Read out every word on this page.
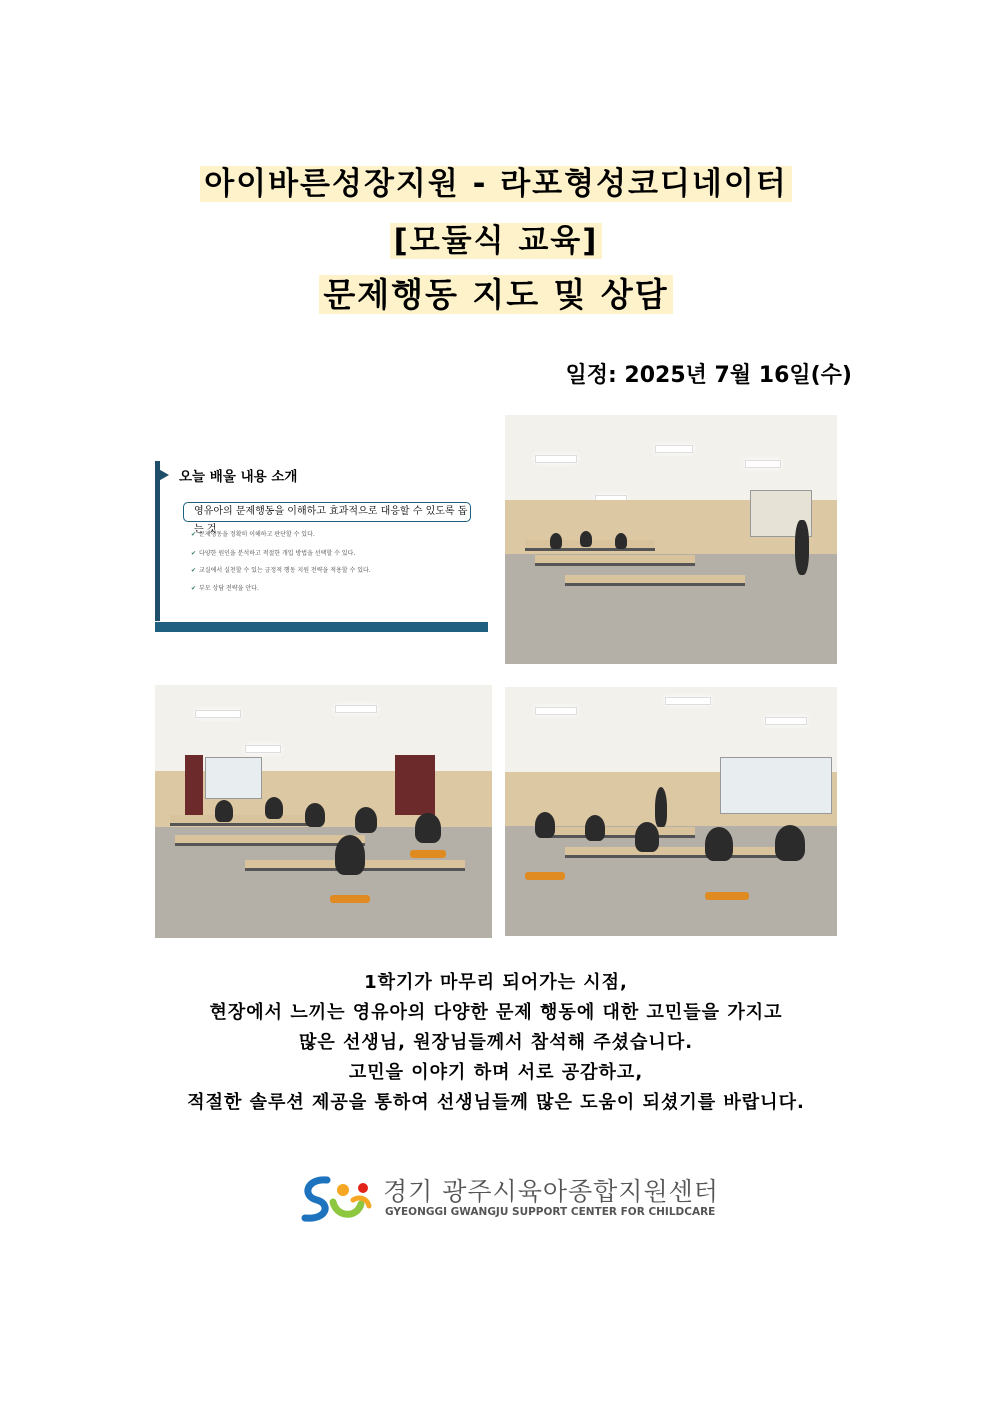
아이바른성장지원 - 라포형성코디네이터
[모듈식 교육]
문제행동 지도 및 상담
일정: 2025년 7월 16일(수)
오늘 배울 내용 소개
영유아의 문제행동을 이해하고 효과적으로 대응할 수 있도록 돕는 것
✔ 문제행동을 정확히 이해하고 판단할 수 있다.
✔ 다양한 원인을 분석하고 적절한 개입 방법을 선택할 수 있다.
✔ 교실에서 실천할 수 있는 긍정적 행동 지원 전략을 적용할 수 있다.
✔ 부모 상담 전략을 안다.
1학기가 마무리 되어가는 시점,
현장에서 느끼는 영유아의 다양한 문제 행동에 대한 고민들을 가지고
많은 선생님, 원장님들께서 참석해 주셨습니다.
고민을 이야기 하며 서로 공감하고,
적절한 솔루션 제공을 통하여 선생님들께 많은 도움이 되셨기를 바랍니다.
경기 광주시육아종합지원센터
GYEONGGI GWANGJU SUPPORT CENTER FOR CHILDCARE
